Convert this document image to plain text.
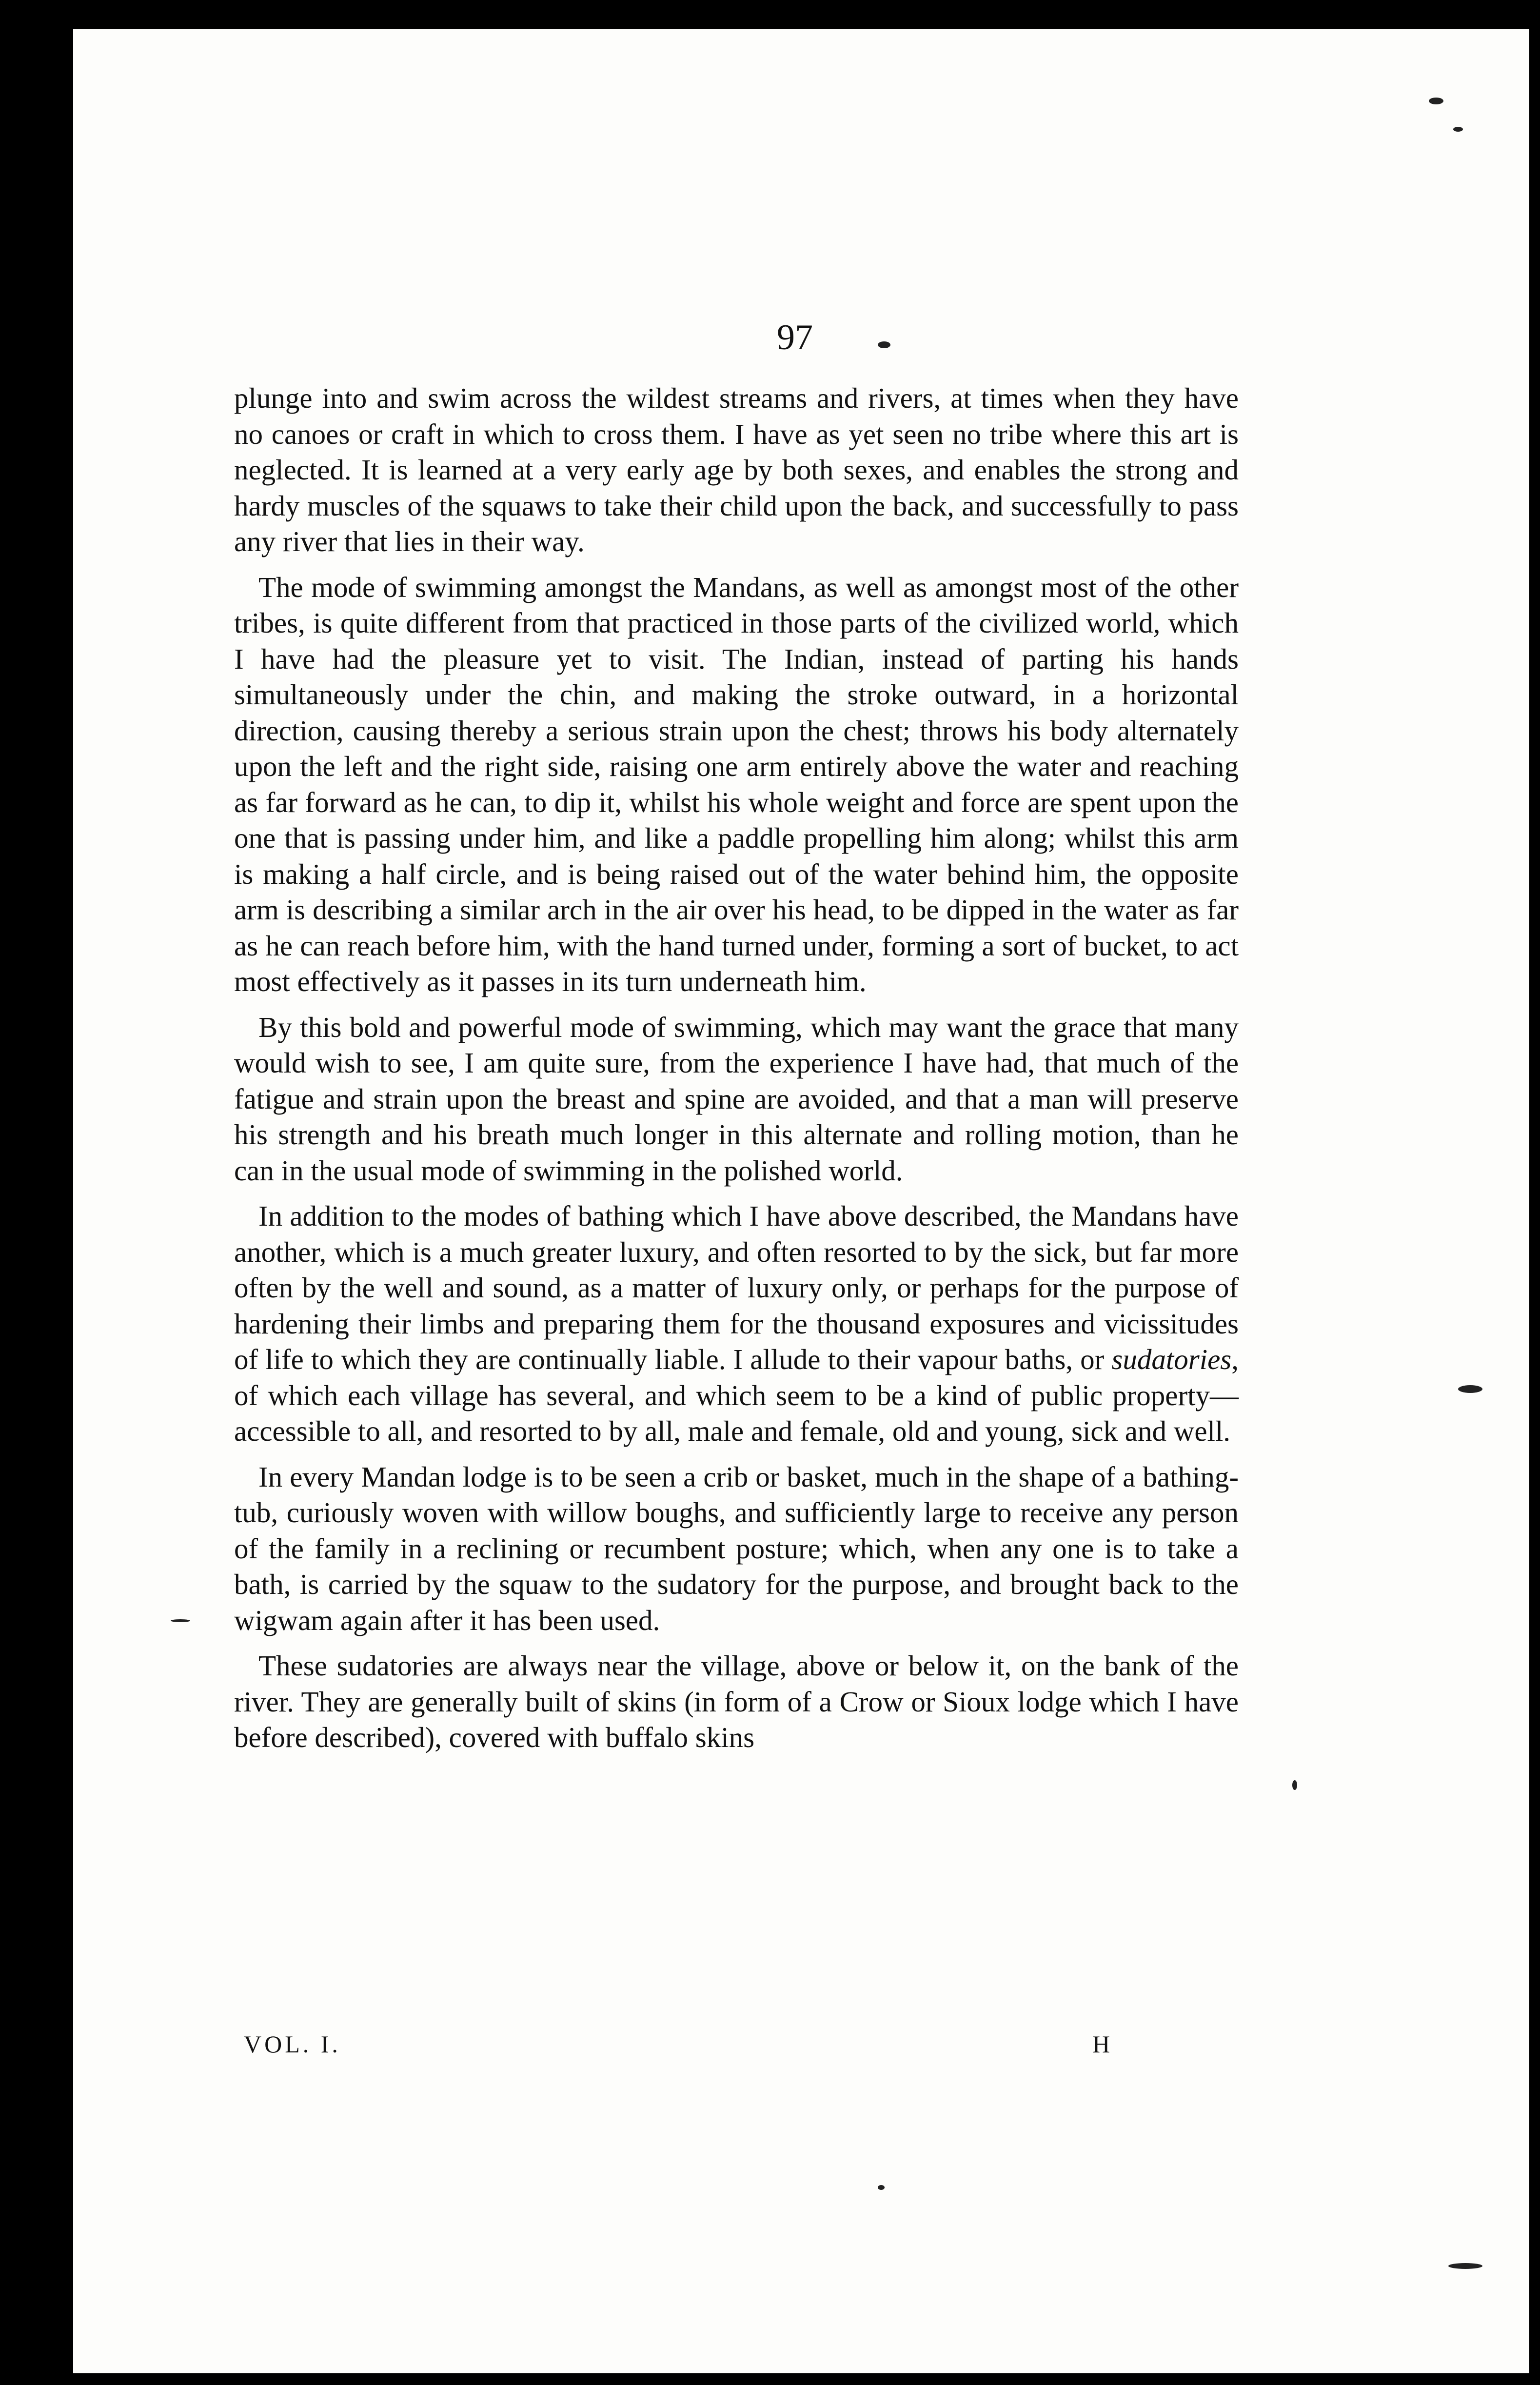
97

plunge into and swim across the wildest streams and rivers, at times when they have no canoes or craft in which to cross them. I have as yet seen no tribe where this art is neglected. It is learned at a very early age by both sexes, and enables the strong and hardy muscles of the squaws to take their child upon the back, and successfully to pass any river that lies in their way.

The mode of swimming amongst the Mandans, as well as amongst most of the other tribes, is quite different from that practiced in those parts of the civilized world, which I have had the pleasure yet to visit. The Indian, instead of parting his hands simultaneously under the chin, and making the stroke outward, in a horizontal direction, causing thereby a serious strain upon the chest; throws his body alternately upon the left and the right side, raising one arm entirely above the water and reaching as far forward as he can, to dip it, whilst his whole weight and force are spent upon the one that is passing under him, and like a paddle propelling him along; whilst this arm is making a half circle, and is being raised out of the water behind him, the opposite arm is describing a similar arch in the air over his head, to be dipped in the water as far as he can reach before him, with the hand turned under, forming a sort of bucket, to act most effectively as it passes in its turn underneath him.

By this bold and powerful mode of swimming, which may want the grace that many would wish to see, I am quite sure, from the experience I have had, that much of the fatigue and strain upon the breast and spine are avoided, and that a man will preserve his strength and his breath much longer in this alternate and rolling motion, than he can in the usual mode of swimming in the polished world.

In addition to the modes of bathing which I have above described, the Mandans have another, which is a much greater luxury, and often resorted to by the sick, but far more often by the well and sound, as a matter of luxury only, or perhaps for the purpose of hardening their limbs and preparing them for the thousand exposures and vicissitudes of life to which they are continually liable. I allude to their vapour baths, or sudatories, of which each village has several, and which seem to be a kind of public property—accessible to all, and resorted to by all, male and female, old and young, sick and well.

In every Mandan lodge is to be seen a crib or basket, much in the shape of a bathing-tub, curiously woven with willow boughs, and sufficiently large to receive any person of the family in a reclining or recumbent posture; which, when any one is to take a bath, is carried by the squaw to the sudatory for the purpose, and brought back to the wigwam again after it has been used.

These sudatories are always near the village, above or below it, on the bank of the river. They are generally built of skins (in form of a Crow or Sioux lodge which I have before described), covered with buffalo skins

VOL. I.	H
